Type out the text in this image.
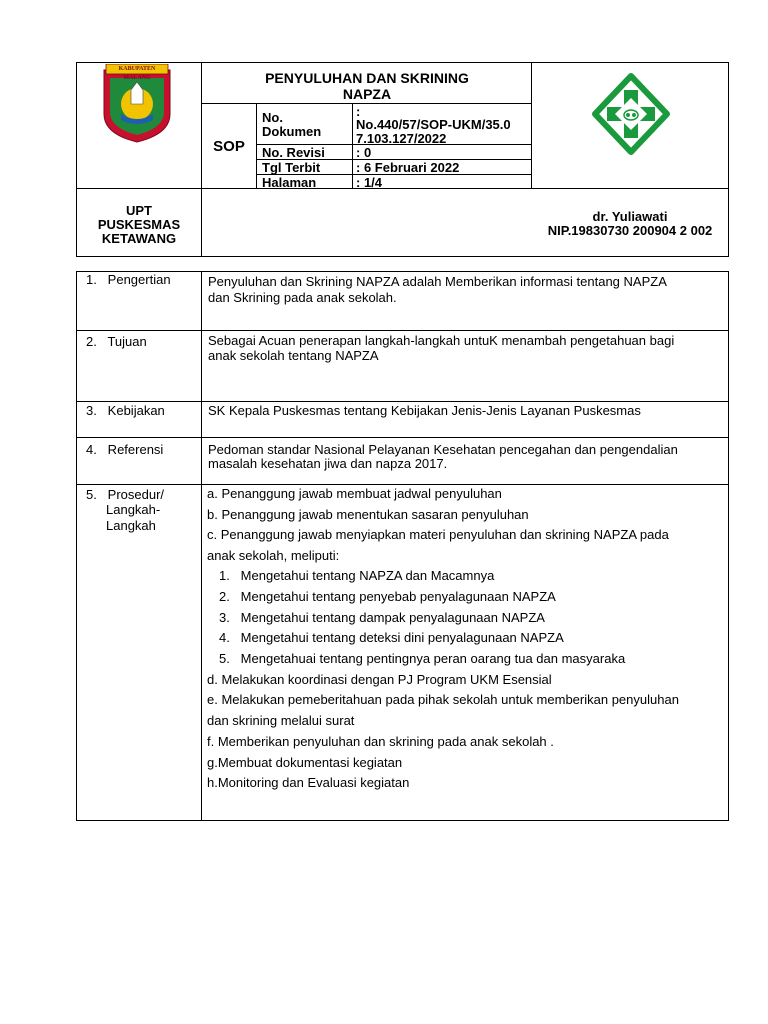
KABUPATEN MALANG	PENYULUHAN DAN SKRINING
NAPZA
SOP
No.
Dokumen
:
No.440/57/SOP-UKM/35.0
7.103.127/2022
No. Revisi : 0
Tgl Terbit	: 6 Februari 2022
Halaman	: 1/4
UPT
PUSKESMAS
KETAWANG
dr. Yuliawati
NIP.19830730 200904 2 002
1.   Pengertian	Penyuluhan dan Skrining NAPZA adalah Memberikan informasi tentang NAPZA
dan Skrining pada anak sekolah.
2.   Tujuan	Sebagai Acuan penerapan langkah-langkah untuK menambah pengetahuan bagi
anak sekolah tentang NAPZA
3.   Kebijakan	SK Kepala Puskesmas tentang Kebijakan Jenis-Jenis Layanan Puskesmas
4.   Referensi	Pedoman standar Nasional Pelayanan Kesehatan pencegahan dan pengendalian
masalah kesehatan jiwa dan napza 2017.
5.   Prosedur/
Langkah-
Langkah
a. Penanggung jawab membuat jadwal penyuluhan
b. Penanggung jawab menentukan sasaran penyuluhan
c. Penanggung jawab menyiapkan materi penyuluhan dan skrining NAPZA pada
anak sekolah, meliputi:
1.   Mengetahui tentang NAPZA dan Macamnya
2.   Mengetahui tentang penyebab penyalagunaan NAPZA
3.   Mengetahui tentang dampak penyalagunaan NAPZA
4.   Mengetahui tentang deteksi dini penyalagunaan NAPZA
5.   Mengetahuai tentang pentingnya peran oarang tua dan masyaraka
d. Melakukan koordinasi dengan PJ Program UKM Esensial
e. Melakukan pemeberitahuan pada pihak sekolah untuk memberikan penyuluhan
dan skrining melalui surat
f. Memberikan penyuluhan dan skrining pada anak sekolah .
g.Membuat dokumentasi kegiatan
h.Monitoring dan Evaluasi kegiatan
